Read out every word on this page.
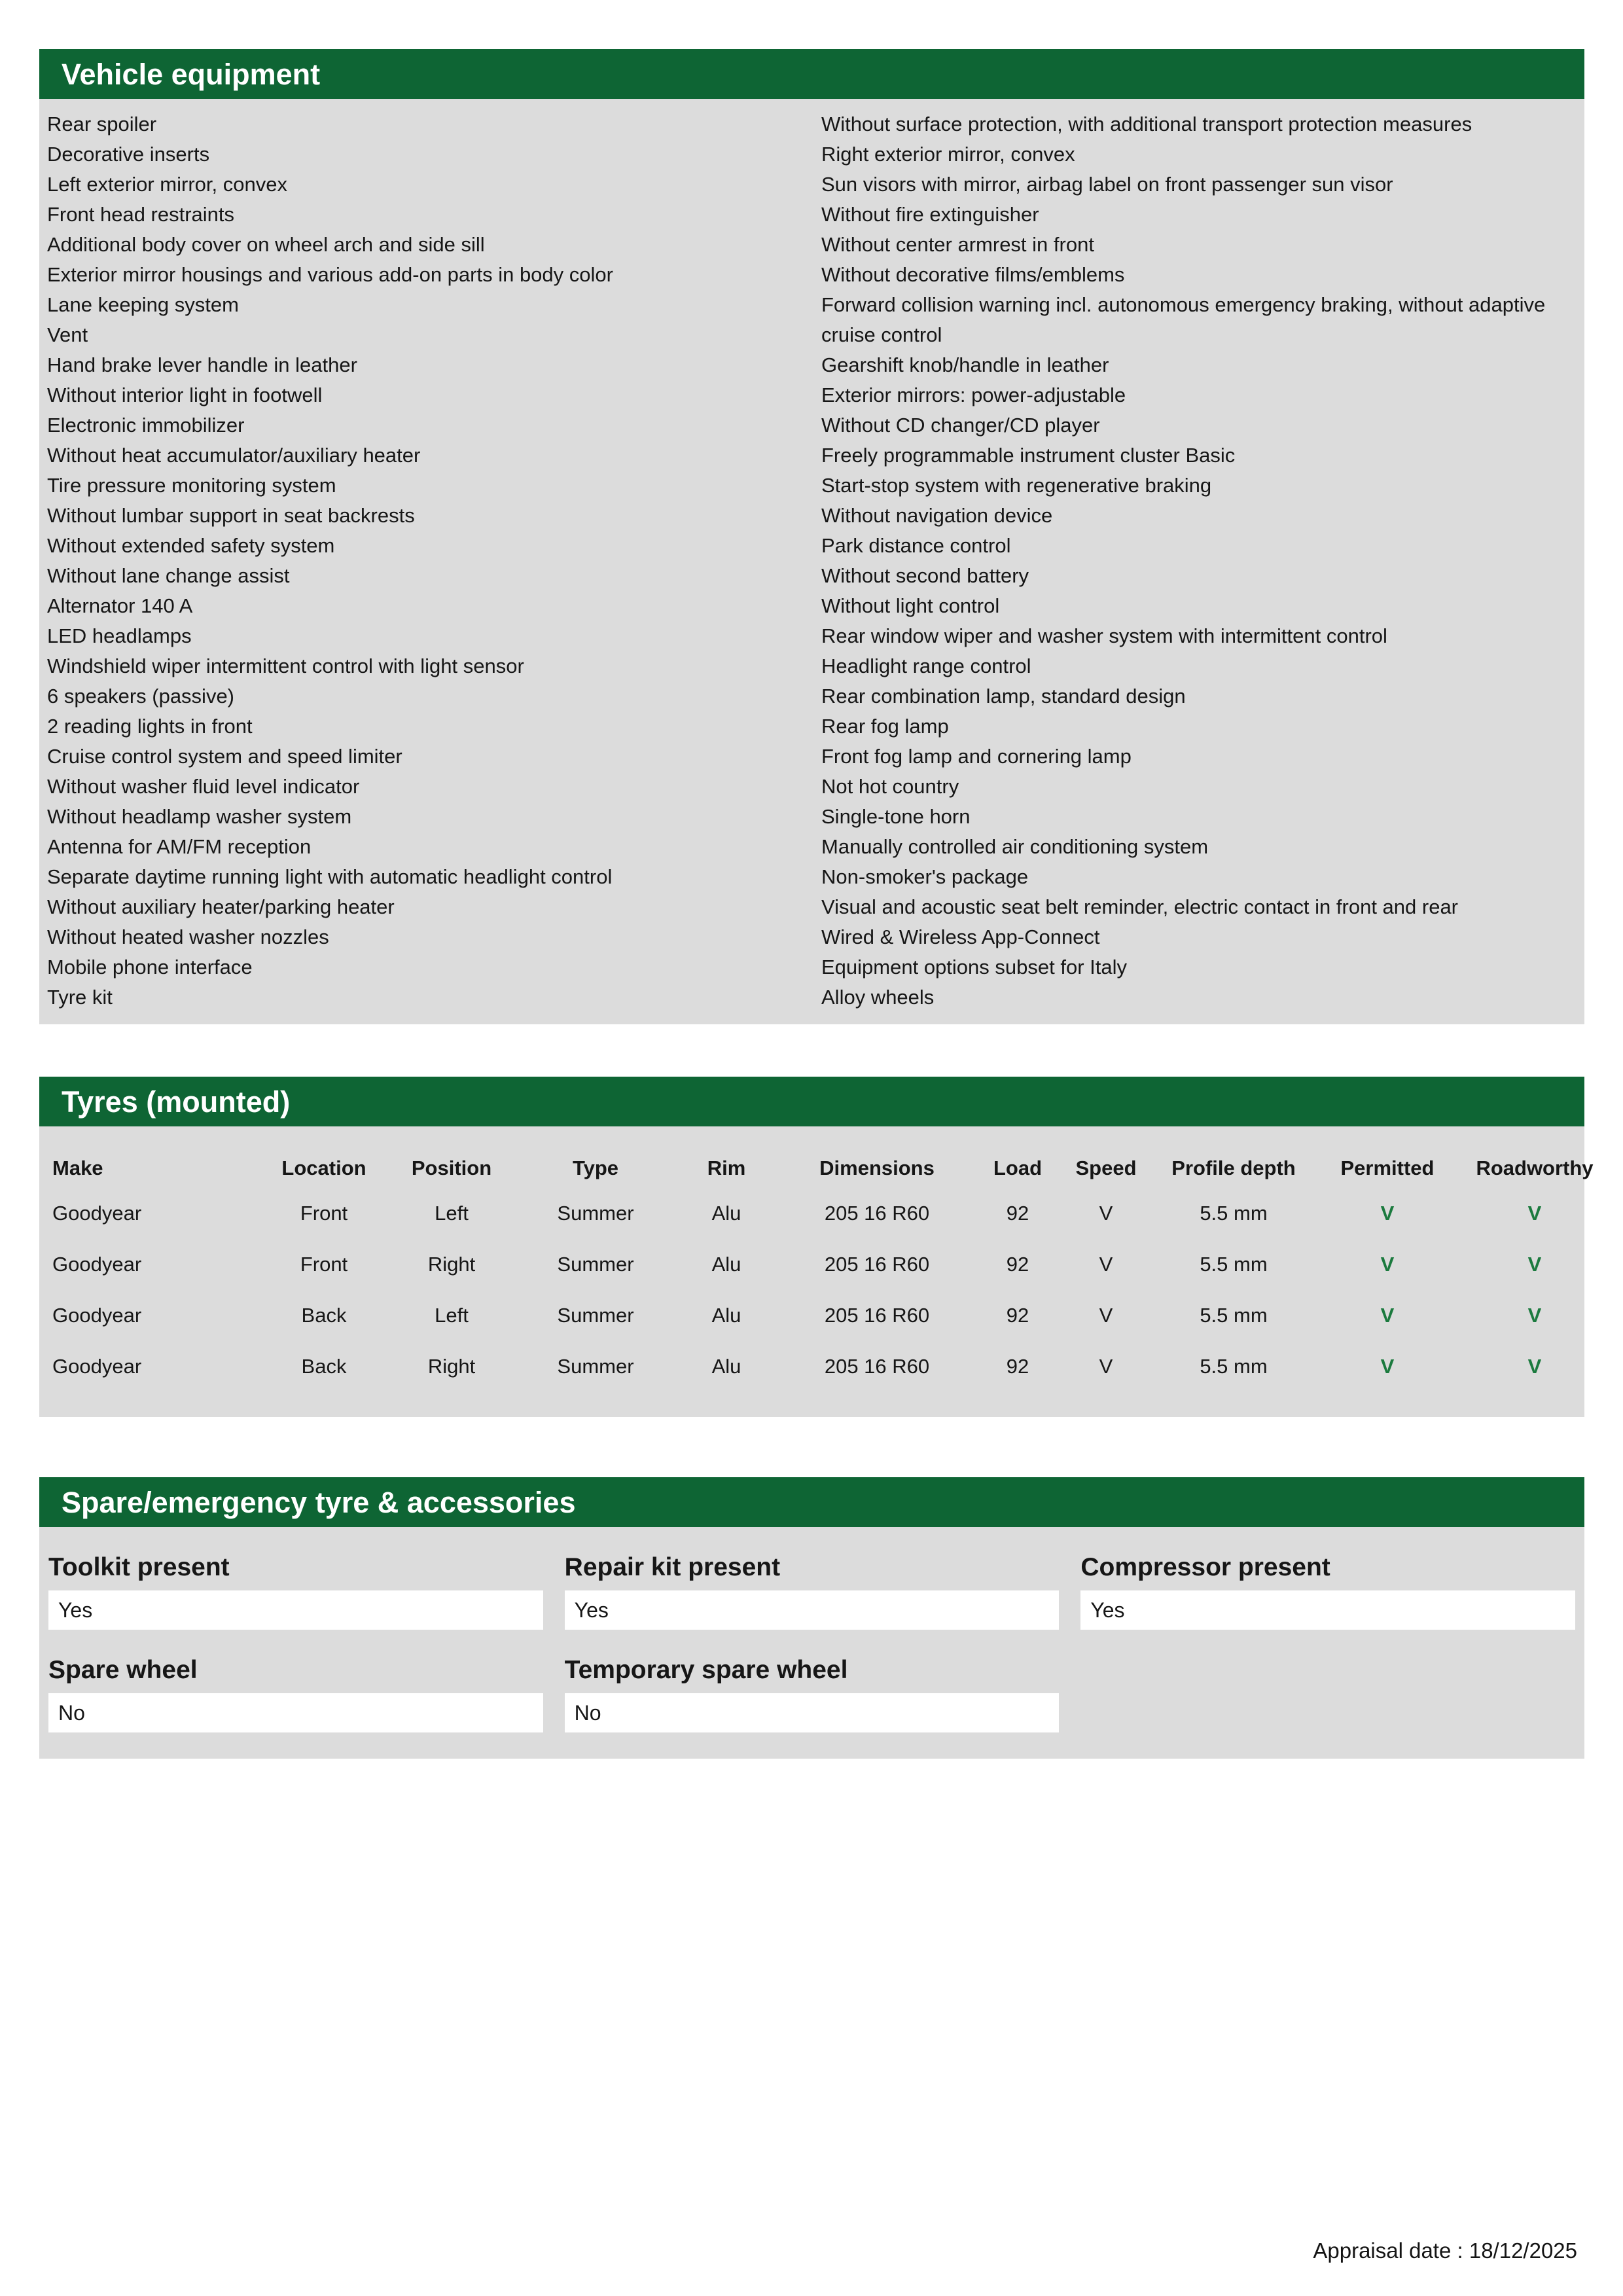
Vehicle equipment
Rear spoiler
Decorative inserts
Left exterior mirror, convex
Front head restraints
Additional body cover on wheel arch and side sill
Exterior mirror housings and various add-on parts in body color
Lane keeping system
Vent
Hand brake lever handle in leather
Without interior light in footwell
Electronic immobilizer
Without heat accumulator/auxiliary heater
Tire pressure monitoring system
Without lumbar support in seat backrests
Without extended safety system
Without lane change assist
Alternator 140 A
LED headlamps
Windshield wiper intermittent control with light sensor
6 speakers (passive)
2 reading lights in front
Cruise control system and speed limiter
Without washer fluid level indicator
Without headlamp washer system
Antenna for AM/FM reception
Separate daytime running light with automatic headlight control
Without auxiliary heater/parking heater
Without heated washer nozzles
Mobile phone interface
Tyre kit
Without surface protection, with additional transport protection measures
Right exterior mirror, convex
Sun visors with mirror, airbag label on front passenger sun visor
Without fire extinguisher
Without center armrest in front
Without decorative films/emblems
Forward collision warning incl. autonomous emergency braking, without adaptive cruise control
Gearshift knob/handle in leather
Exterior mirrors: power-adjustable
Without CD changer/CD player
Freely programmable instrument cluster Basic
Start-stop system with regenerative braking
Without navigation device
Park distance control
Without second battery
Without light control
Rear window wiper and washer system with intermittent control
Headlight range control
Rear combination lamp, standard design
Rear fog lamp
Front fog lamp and cornering lamp
Not hot country
Single-tone horn
Manually controlled air conditioning system
Non-smoker's package
Visual and acoustic seat belt reminder, electric contact in front and rear
Wired & Wireless App-Connect
Equipment options subset for Italy
Alloy wheels
Tyres (mounted)
Make	Location	Position	Type	Rim	Dimensions	Load	Speed	Profile depth	Permitted	Roadworthy
Goodyear	Front	Left	Summer	Alu	205 16 R60	92	V	5.5 mm	V	V
Goodyear	Front	Right	Summer	Alu	205 16 R60	92	V	5.5 mm	V	V
Goodyear	Back	Left	Summer	Alu	205 16 R60	92	V	5.5 mm	V	V
Goodyear	Back	Right	Summer	Alu	205 16 R60	92	V	5.5 mm	V	V
Spare/emergency tyre & accessories
Toolkit present
Yes
Repair kit present
Yes
Compressor present
Yes
Spare wheel
No
Temporary spare wheel
No
Appraisal date : 18/12/2025
